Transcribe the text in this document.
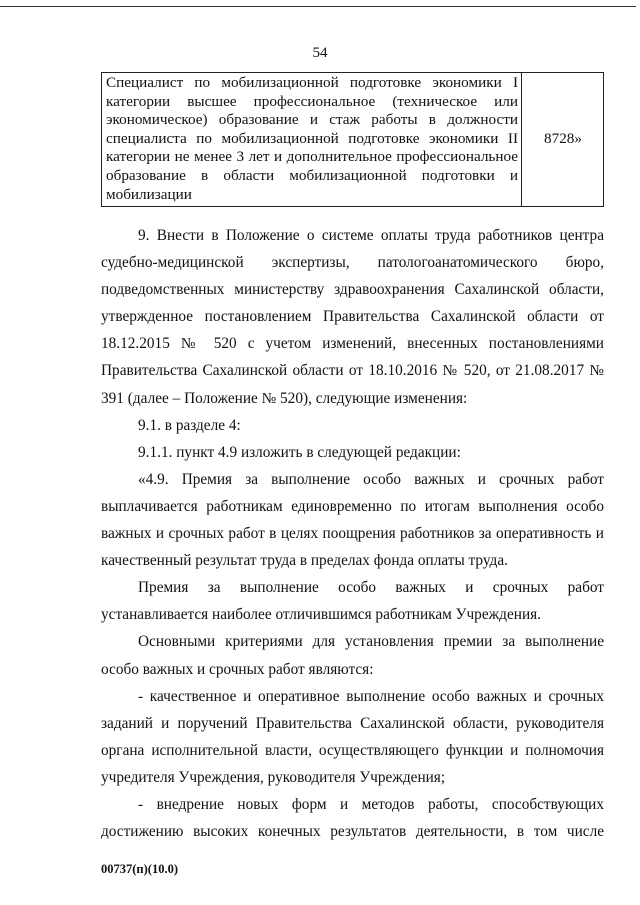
54
Специалист по мобилизационной подготовке экономики I категории высшее профессиональное (техническое или экономическое) образование и стаж работы в должности специалиста по мобилизационной подготовке экономики II категории не менее 3 лет и дополнительное профессиональное образование в области мобилизационной подготовки и мобилизации	8728»

9. Внести в Положение о системе оплаты труда работников центра судебно-медицинской экспертизы, патологоанатомического бюро, подведомственных министерству здравоохранения Сахалинской области, утвержденное постановлением Правительства Сахалинской области от 18.12.2015 № 520 с учетом изменений, внесенных постановлениями Правительства Сахалинской области от 18.10.2016 № 520, от 21.08.2017 № 391 (далее – Положение № 520), следующие изменения:

9.1. в разделе 4:

9.1.1. пункт 4.9 изложить в следующей редакции:

«4.9. Премия за выполнение особо важных и срочных работ выплачивается работникам единовременно по итогам выполнения особо важных и срочных работ в целях поощрения работников за оперативность и качественный результат труда в пределах фонда оплаты труда.

Премия за выполнение особо важных и срочных работ устанавливается наиболее отличившимся работникам Учреждения.

Основными критериями для установления премии за выполнение особо важных и срочных работ являются:

- качественное и оперативное выполнение особо важных и срочных заданий и поручений Правительства Сахалинской области, руководителя органа исполнительной власти, осуществляющего функции и полномочия учредителя Учреждения, руководителя Учреждения;

- внедрение новых форм и методов работы, способствующих достижению высоких конечных результатов деятельности, в том числе

00737(п)(10.0)
